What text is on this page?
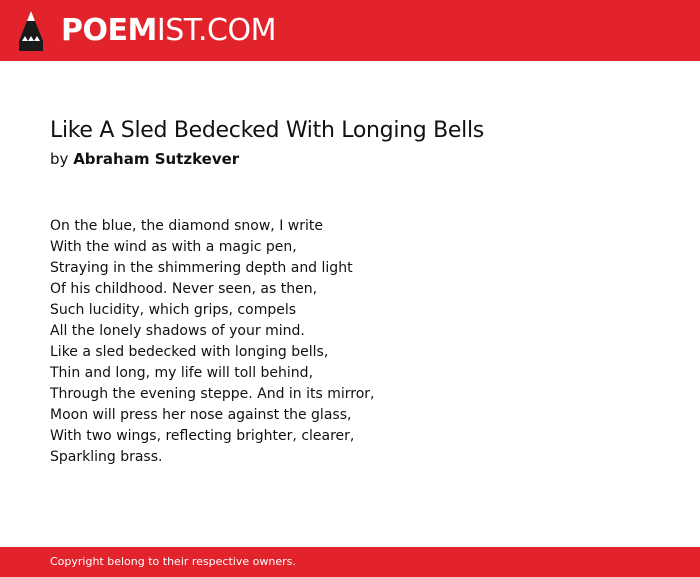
POEMIST.COM
Like A Sled Bedecked With Longing Bells

by Abraham Sutzkever

On the blue, the diamond snow, I write
With the wind as with a magic pen,
Straying in the shimmering depth and light
Of his childhood. Never seen, as then,
Such lucidity, which grips, compels
All the lonely shadows of your mind.
Like a sled bedecked with longing bells,
Thin and long, my life will toll behind,
Through the evening steppe. And in its mirror,
Moon will press her nose against the glass,
With two wings, reflecting brighter, clearer,
Sparkling brass.
Copyright belong to their respective owners.
